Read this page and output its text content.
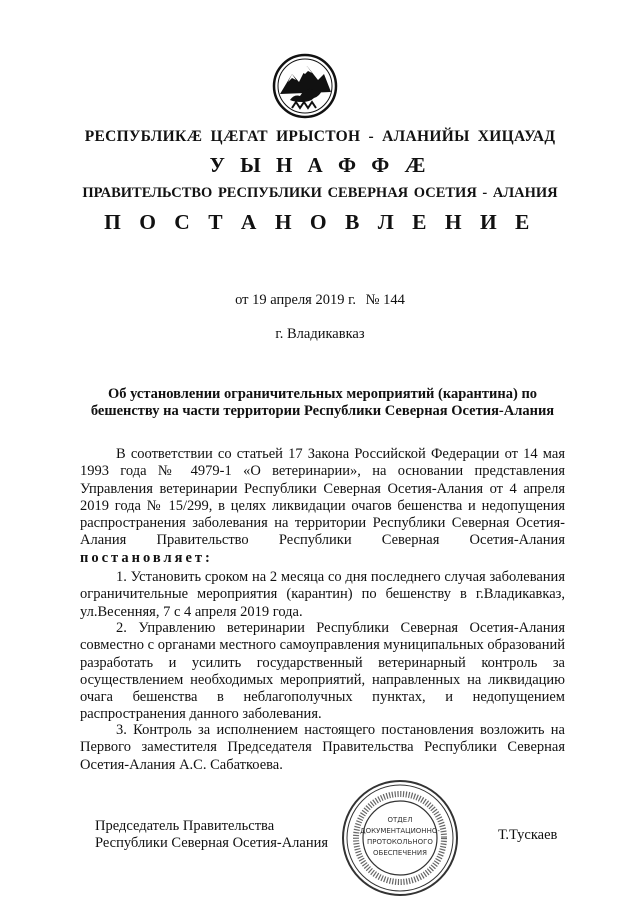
РЕСПУБЛИКӔ ЦӔГАТ ИРЫСТОН - АЛАНИЙЫ ХИЦАУАД
У Ы Н А Ф Ф Ӕ
ПРАВИТЕЛЬСТВО РЕСПУБЛИКИ СЕВЕРНАЯ ОСЕТИЯ - АЛАНИЯ
П О С Т А Н О В Л Е Н И Е
от 19 апреля 2019 г. № 144
г. Владикавказ
Об установлении ограничительных мероприятий (карантина) по бешенству на части территории Республики Северная Осетия-Алания
В соответствии со статьей 17 Закона Российской Федерации от 14 мая 1993 года № 4979-1 «О ветеринарии», на основании представления Управления ветеринарии Республики Северная Осетия-Алания от 4 апреля 2019 года № 15/299, в целях ликвидации очагов бешенства и недопущения распространения заболевания на территории Республики Северная Осетия-Алания Правительство Республики Северная Осетия-Алания постановляет:
1. Установить сроком на 2 месяца со дня последнего случая заболевания ограничительные мероприятия (карантин) по бешенству в г.Владикавказ, ул.Весенняя, 7 с 4 апреля 2019 года.
2. Управлению ветеринарии Республики Северная Осетия-Алания совместно с органами местного самоуправления муниципальных образований разработать и усилить государственный ветеринарный контроль за осуществлением необходимых мероприятий, направленных на ликвидацию очага бешенства в неблагополучных пунктах, и недопущением распространения данного заболевания.
3. Контроль за исполнением настоящего постановления возложить на Первого заместителя Председателя Правительства Республики Северная Осетия-Алания А.С. Сабаткоева.
Председатель Правительства
Республики Северная Осетия-Алания
ОТДЕЛ
ДОКУМЕНТАЦИОННО-
ПРОТОКОЛЬНОГО
ОБЕСПЕЧЕНИЯ
Т.Тускаев
